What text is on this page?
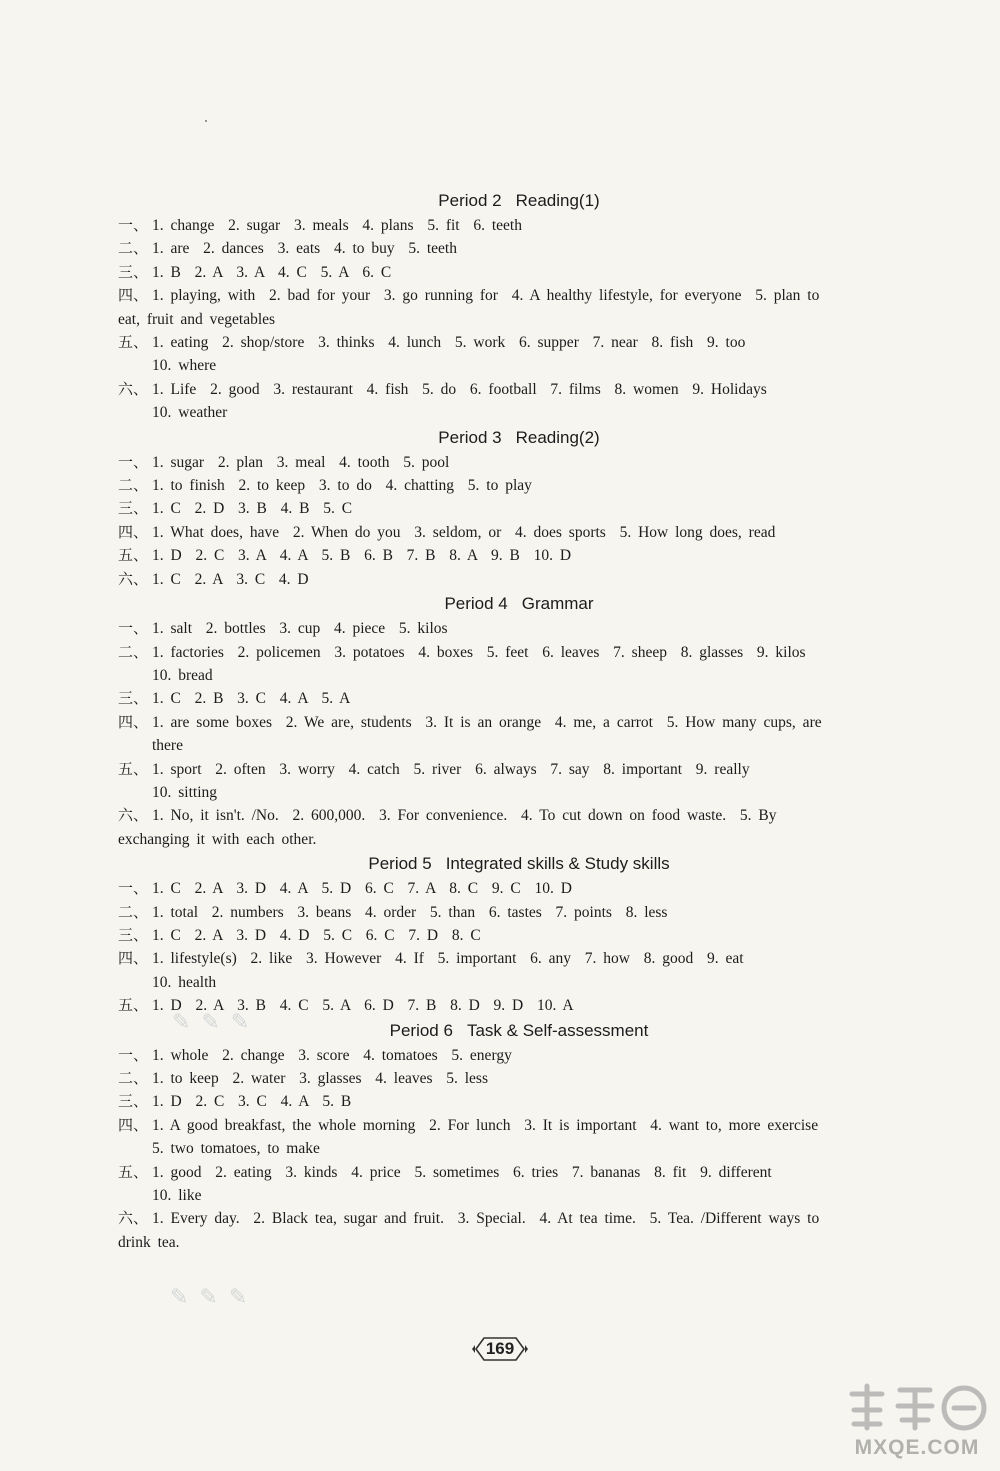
Period 2 Reading(1)
一、 1. change  2. sugar  3. meals  4. plans  5. fit  6. teeth
二、 1. are  2. dances  3. eats  4. to buy  5. teeth
三、 1. B  2. A  3. A  4. C  5. A  6. C
四、 1. playing, with  2. bad for your  3. go running for  4. A healthy lifestyle, for everyone  5. plan to
eat, fruit and vegetables
五、 1. eating  2. shop/store  3. thinks  4. lunch  5. work  6. supper  7. near  8. fish  9. too
10. where
六、 1. Life  2. good  3. restaurant  4. fish  5. do  6. football  7. films  8. women  9. Holidays
10. weather
Period 3 Reading(2)
一、 1. sugar  2. plan  3. meal  4. tooth  5. pool
二、 1. to finish  2. to keep  3. to do  4. chatting  5. to play
三、 1. C  2. D  3. B  4. B  5. C
四、 1. What does, have  2. When do you  3. seldom, or  4. does sports  5. How long does, read
五、 1. D  2. C  3. A  4. A  5. B  6. B  7. B  8. A  9. B  10. D
六、 1. C  2. A  3. C  4. D
Period 4 Grammar
一、 1. salt  2. bottles  3. cup  4. piece  5. kilos
二、 1. factories  2. policemen  3. potatoes  4. boxes  5. feet  6. leaves  7. sheep  8. glasses  9. kilos
10. bread
三、 1. C  2. B  3. C  4. A  5. A
四、 1. are some boxes  2. We are, students  3. It is an orange  4. me, a carrot  5. How many cups, are
there
五、 1. sport  2. often  3. worry  4. catch  5. river  6. always  7. say  8. important  9. really
10. sitting
六、 1. No, it isn't. /No.  2. 600,000.  3. For convenience.  4. To cut down on food waste.  5. By
exchanging it with each other.
Period 5 Integrated skills & Study skills
一、 1. C  2. A  3. D  4. A  5. D  6. C  7. A  8. C  9. C  10. D
二、 1. total  2. numbers  3. beans  4. order  5. than  6. tastes  7. points  8. less
三、 1. C  2. A  3. D  4. D  5. C  6. C  7. D  8. C
四、 1. lifestyle(s)  2. like  3. However  4. If  5. important  6. any  7. how  8. good  9. eat
10. health
五、 1. D  2. A  3. B  4. C  5. A  6. D  7. B  8. D  9. D  10. A
Period 6 Task & Self-assessment
一、 1. whole  2. change  3. score  4. tomatoes  5. energy
二、 1. to keep  2. water  3. glasses  4. leaves  5. less
三、 1. D  2. C  3. C  4. A  5. B
四、 1. A good breakfast, the whole morning  2. For lunch  3. It is important  4. want to, more exercise
5. two tomatoes, to make
五、 1. good  2. eating  3. kinds  4. price  5. sometimes  6. tries  7. bananas  8. fit  9. different
10. like
六、 1. Every day.  2. Black tea, sugar and fruit.  3. Special.  4. At tea time.  5. Tea. /Different ways to
drink tea.
✎ ✎ ✎
✎ ✎ ✎
169
MXQE.COM
